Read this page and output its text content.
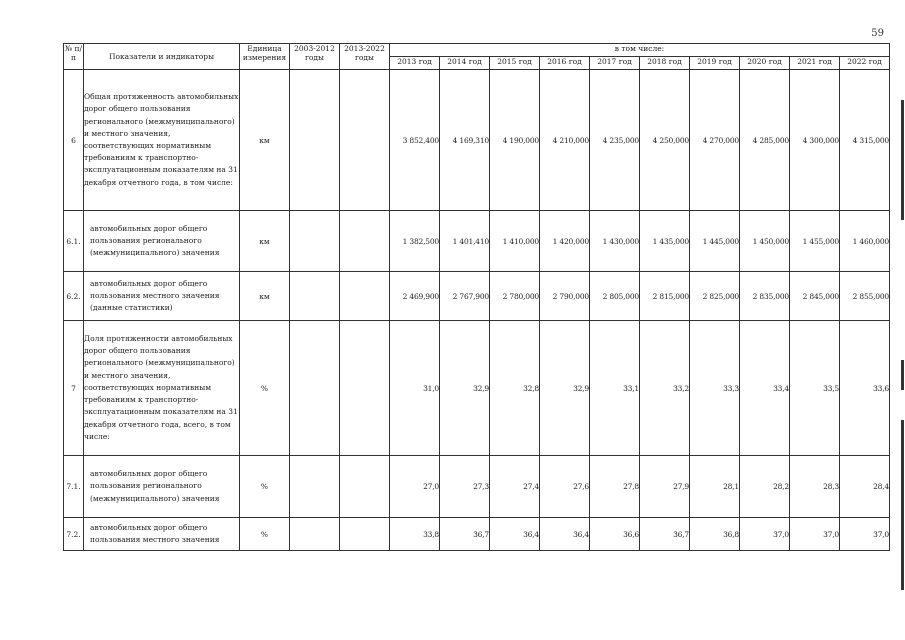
59
№ п/п	Показатели и индикаторы	Единица измерения	2003-2012 годы	2013-2022 годы	в том числе:									
					2013 год	2014 год	2015 год	2016 год	2017 год	2018 год	2019 год	2020 год	2021 год	2022 год
6	Общая протяженность автомобильных дорог общего пользования регионального (межмуниципального) и местного значения, соответствующих нормативным требованиям к транспортно-эксплуатационным показателям на 31 декабря отчетного года, в том числе:	км			3 852,400	4 169,310	4 190,000	4 210,000	4 235,000	4 250,000	4 270,000	4 285,000	4 300,000	4 315,000
6.1.	автомобильных дорог общего пользования регионального (межмуниципального) значения	км			1 382,500	1 401,410	1 410,000	1 420,000	1 430,000	1 435,000	1 445,000	1 450,000	1 455,000	1 460,000
6.2.	автомобильных дорог общего пользования местного значения (данные статистики)	км			2 469,900	2 767,900	2 780,000	2 790,000	2 805,000	2 815,000	2 825,000	2 835,000	2 845,000	2 855,000
7	Доля протяженности автомобильных дорог общего пользования регионального (межмуниципального) и местного значения, соответствующих нормативным требованиям к транспортно-эксплуатационным показателям на 31 декабря отчетного года, всего, в том числе:	%			31,0	32,9	32,8	32,9	33,1	33,2	33,3	33,4	33,5	33,6
7.1.	автомобильных дорог общего пользования регионального (межмуниципального) значения	%			27,0	27,3	27,4	27,6	27,8	27,9	28,1	28,2	28,3	28,4
7.2.	автомобильных дорог общего пользования местного значения	%			33,8	36,7	36,4	36,4	36,6	36,7	36,8	37,0	37,0	37,0
